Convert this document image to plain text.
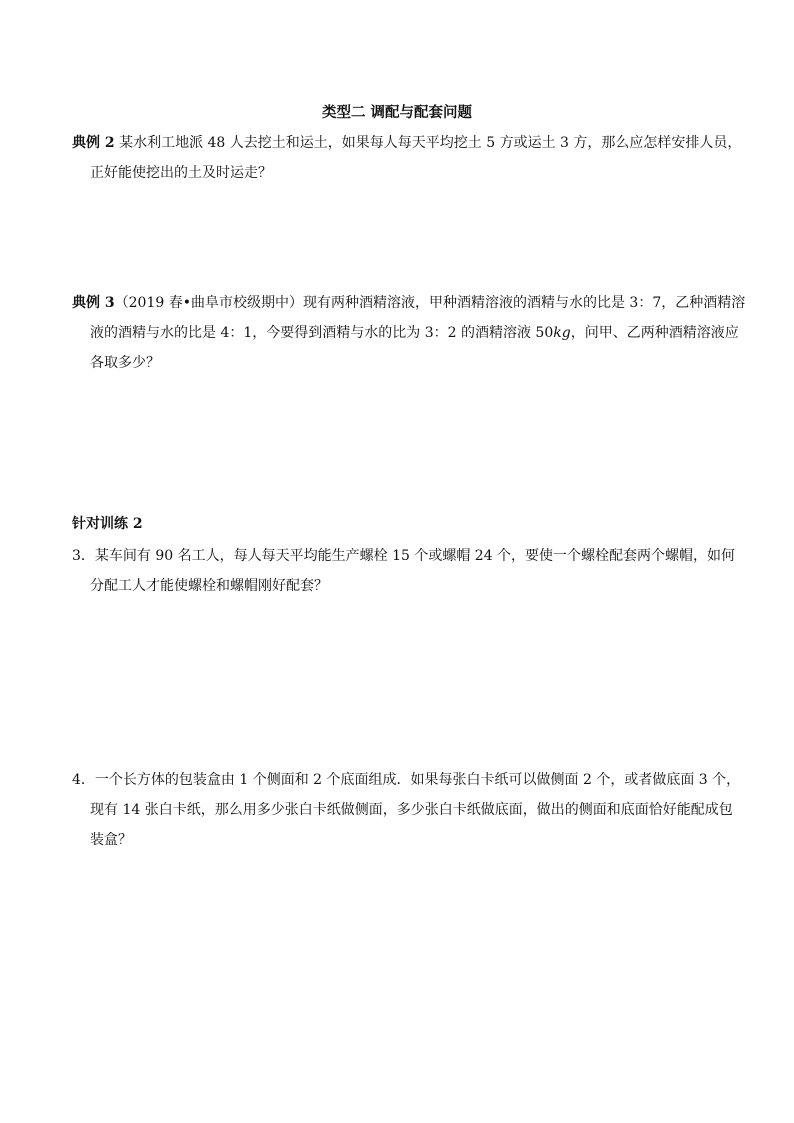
类型二 调配与配套问题
典例 2 某水利工地派 48 人去挖土和运土，如果每人每天平均挖土 5 方或运土 3 方，那么应怎样安排人员，
正好能使挖出的土及时运走？
典例 3（2019 春•曲阜市校级期中）现有两种酒精溶液，甲种酒精溶液的酒精与水的比是 3：7，乙种酒精溶
液的酒精与水的比是 4：1，今要得到酒精与水的比为 3：2 的酒精溶液 50kg，问甲、乙两种酒精溶液应
各取多少？
针对训练 2
3．某车间有 90 名工人，每人每天平均能生产螺栓 15 个或螺帽 24 个，要使一个螺栓配套两个螺帽，如何
分配工人才能使螺栓和螺帽刚好配套？
4．一个长方体的包装盒由 1 个侧面和 2 个底面组成．如果每张白卡纸可以做侧面 2 个，或者做底面 3 个，
现有 14 张白卡纸，那么用多少张白卡纸做侧面，多少张白卡纸做底面，做出的侧面和底面恰好能配成包
装盒？
